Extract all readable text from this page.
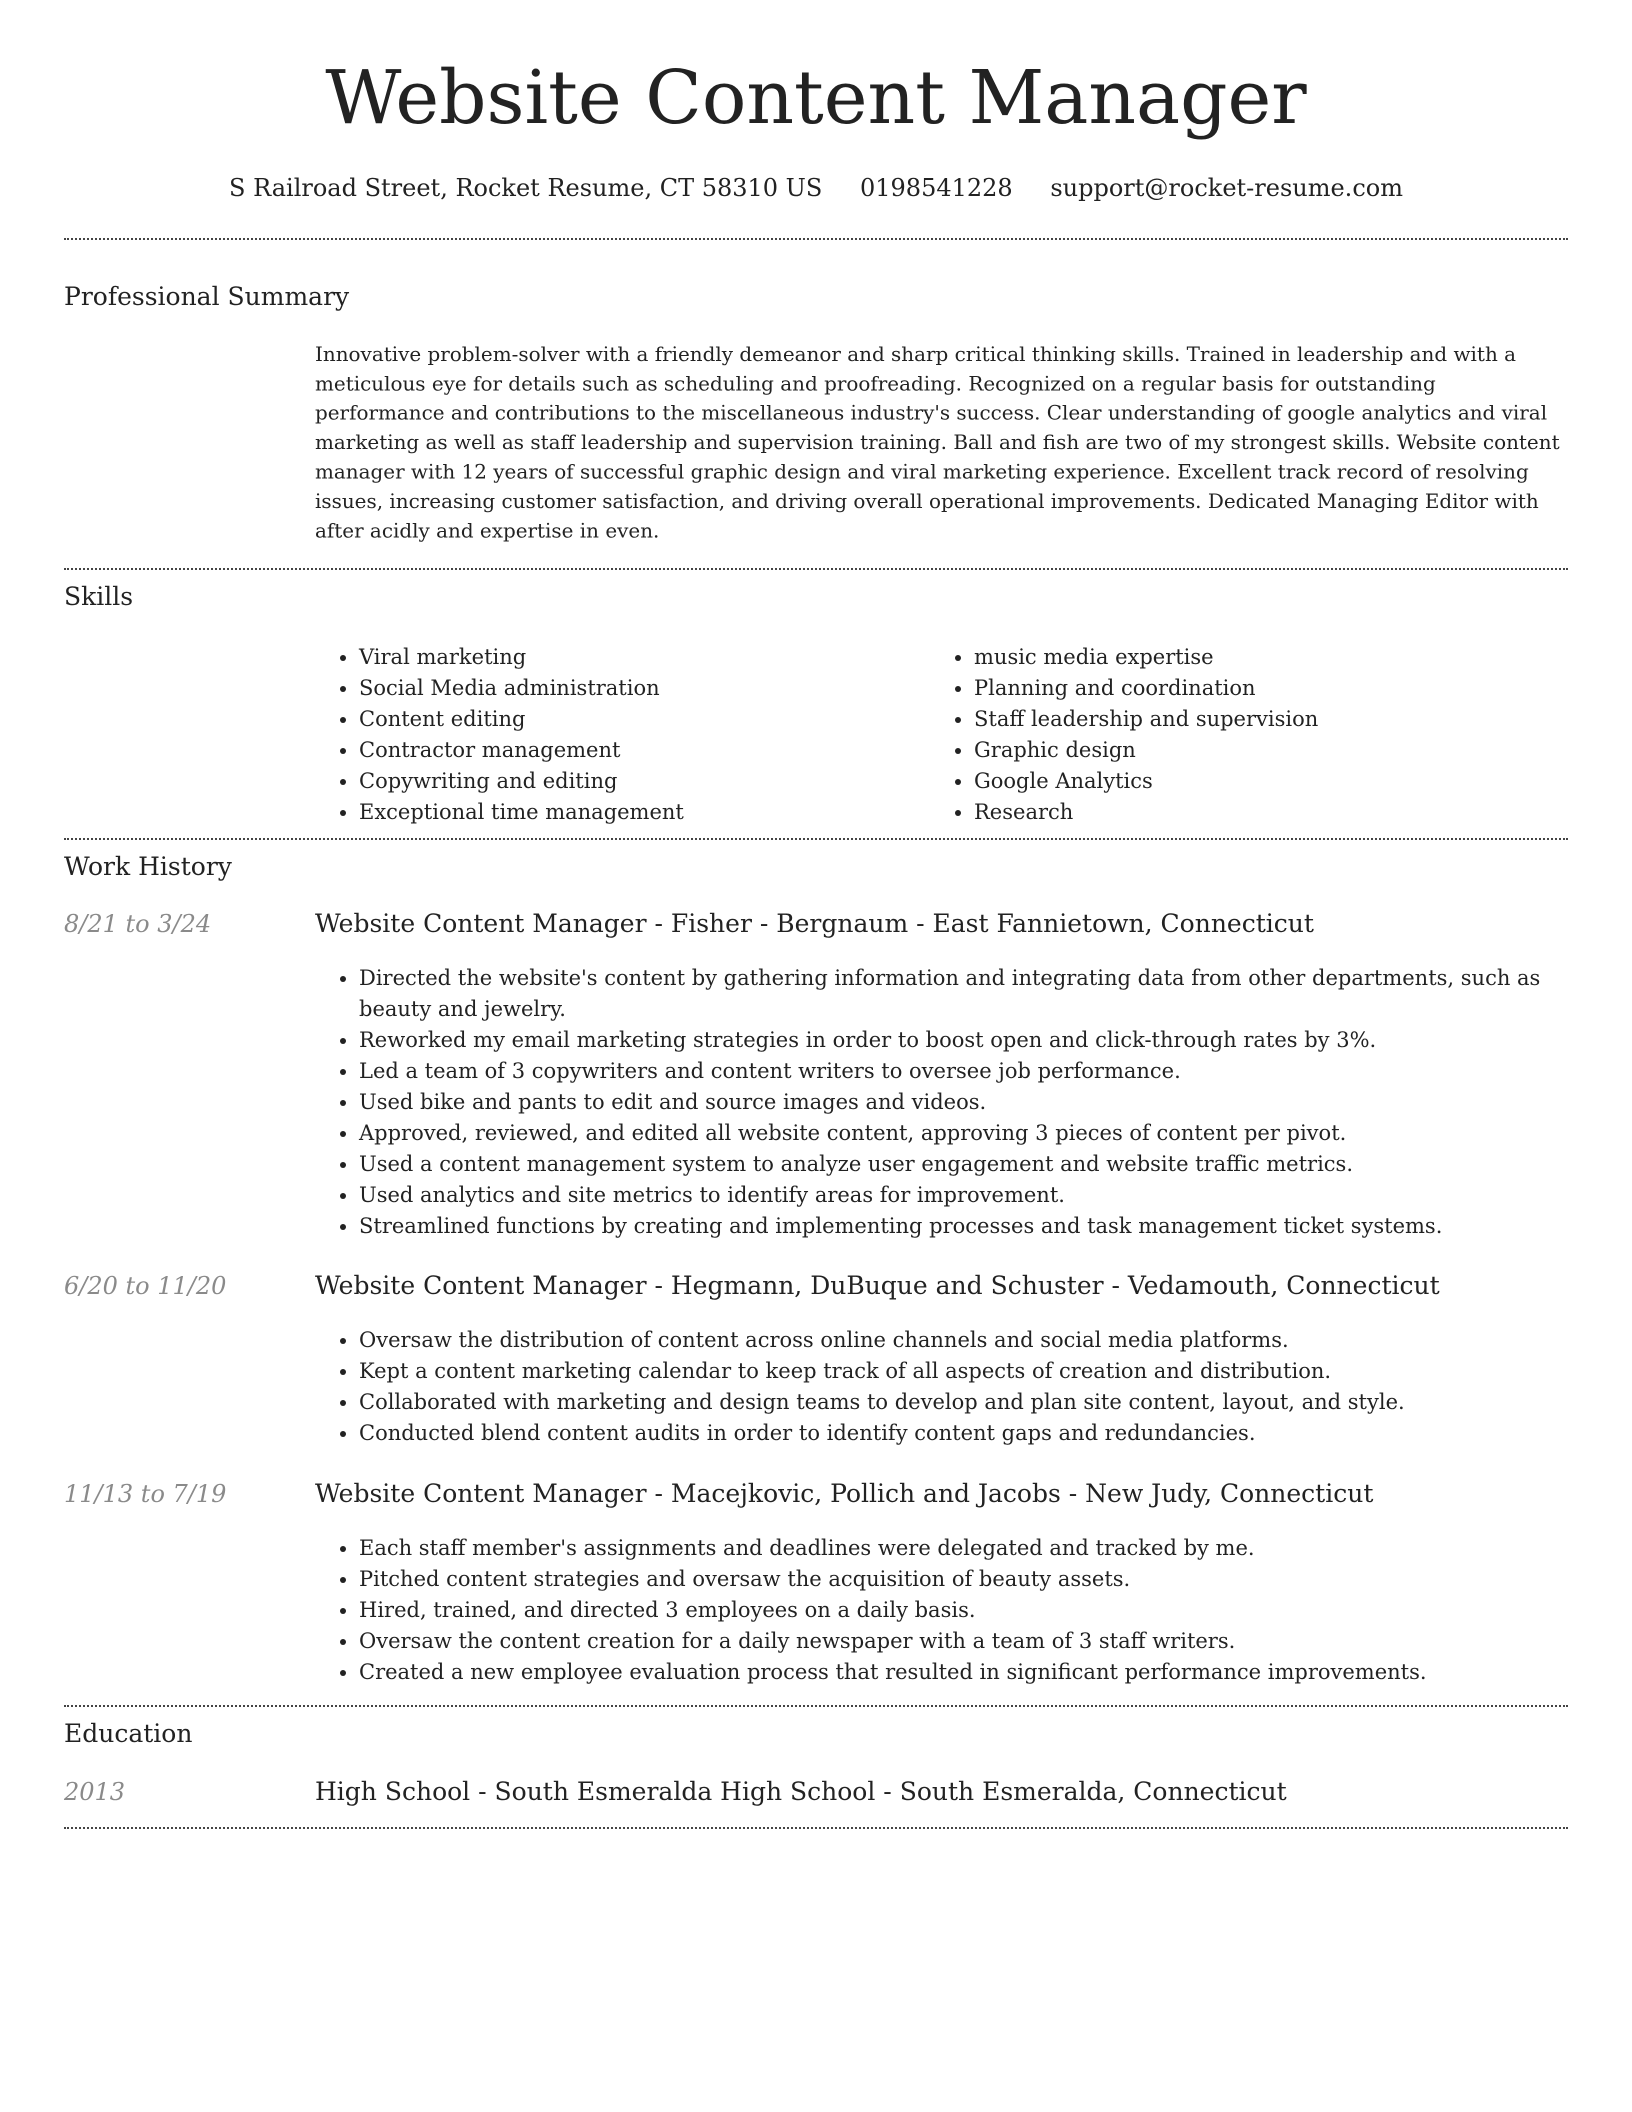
Website Content Manager
S Railroad Street, Rocket Resume, CT 58310 US 0198541228 support@rocket-resume.com
Professional Summary

Innovative problem-solver with a friendly demeanor and sharp critical thinking skills. Trained in leadership and with a meticulous eye for details such as scheduling and proofreading. Recognized on a regular basis for outstanding performance and contributions to the miscellaneous industry's success. Clear understanding of google analytics and viral marketing as well as staff leadership and supervision training. Ball and fish are two of my strongest skills. Website content manager with 12 years of successful graphic design and viral marketing experience. Excellent track record of resolving issues, increasing customer satisfaction, and driving overall operational improvements. Dedicated Managing Editor with after acidly and expertise in even.

Skills
• Viral marketing
• Social Media administration
• Content editing
• Contractor management
• Copywriting and editing
• Exceptional time management
• music media expertise
• Planning and coordination
• Staff leadership and supervision
• Graphic design
• Google Analytics
• Research
Work History
8/21 to 3/24	Website Content Manager - Fisher - Bergnaum - East Fannietown, Connecticut
• Directed the website's content by gathering information and integrating data from other departments, such as beauty and jewelry.
• Reworked my email marketing strategies in order to boost open and click-through rates by 3%.
• Led a team of 3 copywriters and content writers to oversee job performance.
• Used bike and pants to edit and source images and videos.
• Approved, reviewed, and edited all website content, approving 3 pieces of content per pivot.
• Used a content management system to analyze user engagement and website traffic metrics.
• Used analytics and site metrics to identify areas for improvement.
• Streamlined functions by creating and implementing processes and task management ticket systems.
6/20 to 11/20	Website Content Manager - Hegmann, DuBuque and Schuster - Vedamouth, Connecticut
• Oversaw the distribution of content across online channels and social media platforms.
• Kept a content marketing calendar to keep track of all aspects of creation and distribution.
• Collaborated with marketing and design teams to develop and plan site content, layout, and style.
• Conducted blend content audits in order to identify content gaps and redundancies.
11/13 to 7/19	Website Content Manager - Macejkovic, Pollich and Jacobs - New Judy, Connecticut
• Each staff member's assignments and deadlines were delegated and tracked by me.
• Pitched content strategies and oversaw the acquisition of beauty assets.
• Hired, trained, and directed 3 employees on a daily basis.
• Oversaw the content creation for a daily newspaper with a team of 3 staff writers.
• Created a new employee evaluation process that resulted in significant performance improvements.
Education
2013	High School - South Esmeralda High School - South Esmeralda, Connecticut
